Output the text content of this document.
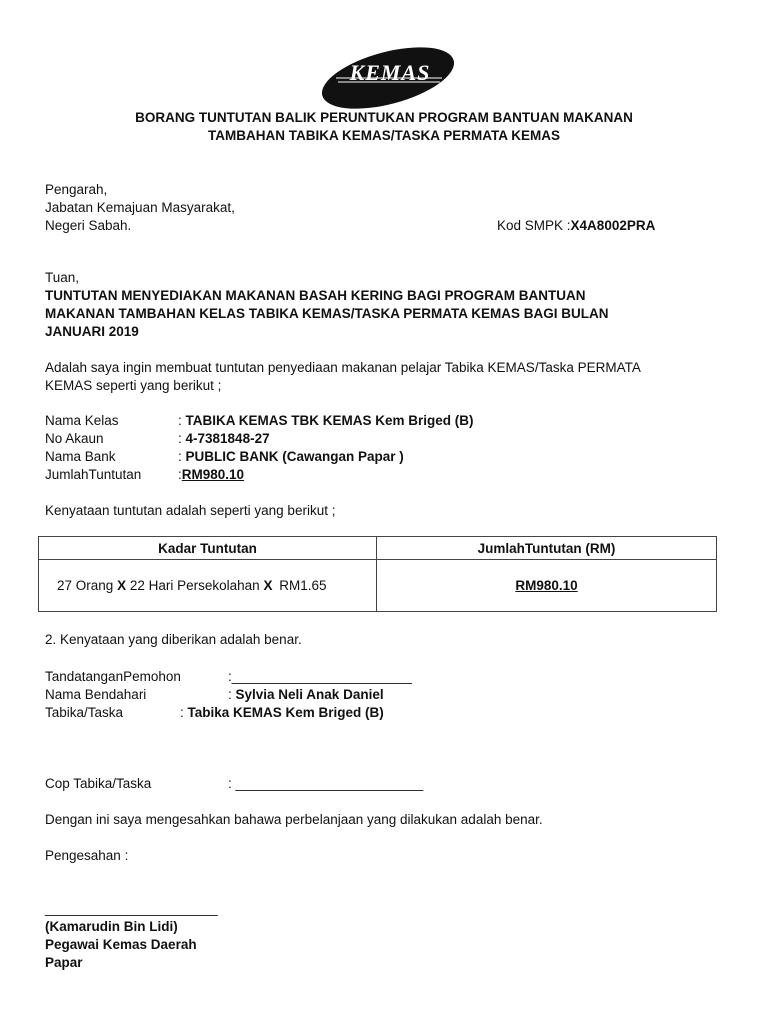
KEMAS
BORANG TUNTUTAN BALIK PERUNTUKAN PROGRAM BANTUAN MAKANAN
TAMBAHAN TABIKA KEMAS/TASKA PERMATA KEMAS
Pengarah,
Jabatan Kemajuan Masyarakat,
Negeri Sabah.	Kod SMPK :X4A8002PRA
Tuan,
TUNTUTAN MENYEDIAKAN MAKANAN BASAH KERING BAGI PROGRAM BANTUAN
MAKANAN TAMBAHAN KELAS TABIKA KEMAS/TASKA PERMATA KEMAS BAGI BULAN
JANUARI 2019
Adalah saya ingin membuat tuntutan penyediaan makanan pelajar Tabika KEMAS/Taska PERMATA
KEMAS seperti yang berikut ;
Nama Kelas	: TABIKA KEMAS TBK KEMAS Kem Briged (B)
No Akaun	: 4-7381848-27
Nama Bank	: PUBLIC BANK (Cawangan Papar )
JumlahTuntutan	:RM980.10
Kenyataan tuntutan adalah seperti yang berikut ;
Kadar Tuntutan	JumlahTuntutan (RM)
27 Orang X 22 Hari Persekolahan X RM1.65	RM980.10
2. Kenyataan yang diberikan adalah benar.
TandatanganPemohon	:________________________
Nama Bendahari	: Sylvia Neli Anak Daniel
Tabika/Taska	: Tabika KEMAS Kem Briged (B)
Cop Tabika/Taska	: _________________________
Dengan ini saya mengesahkan bahawa perbelanjaan yang dilakukan adalah benar.
Pengesahan :
_______________________
(Kamarudin Bin Lidi)
Pegawai Kemas Daerah
Papar
